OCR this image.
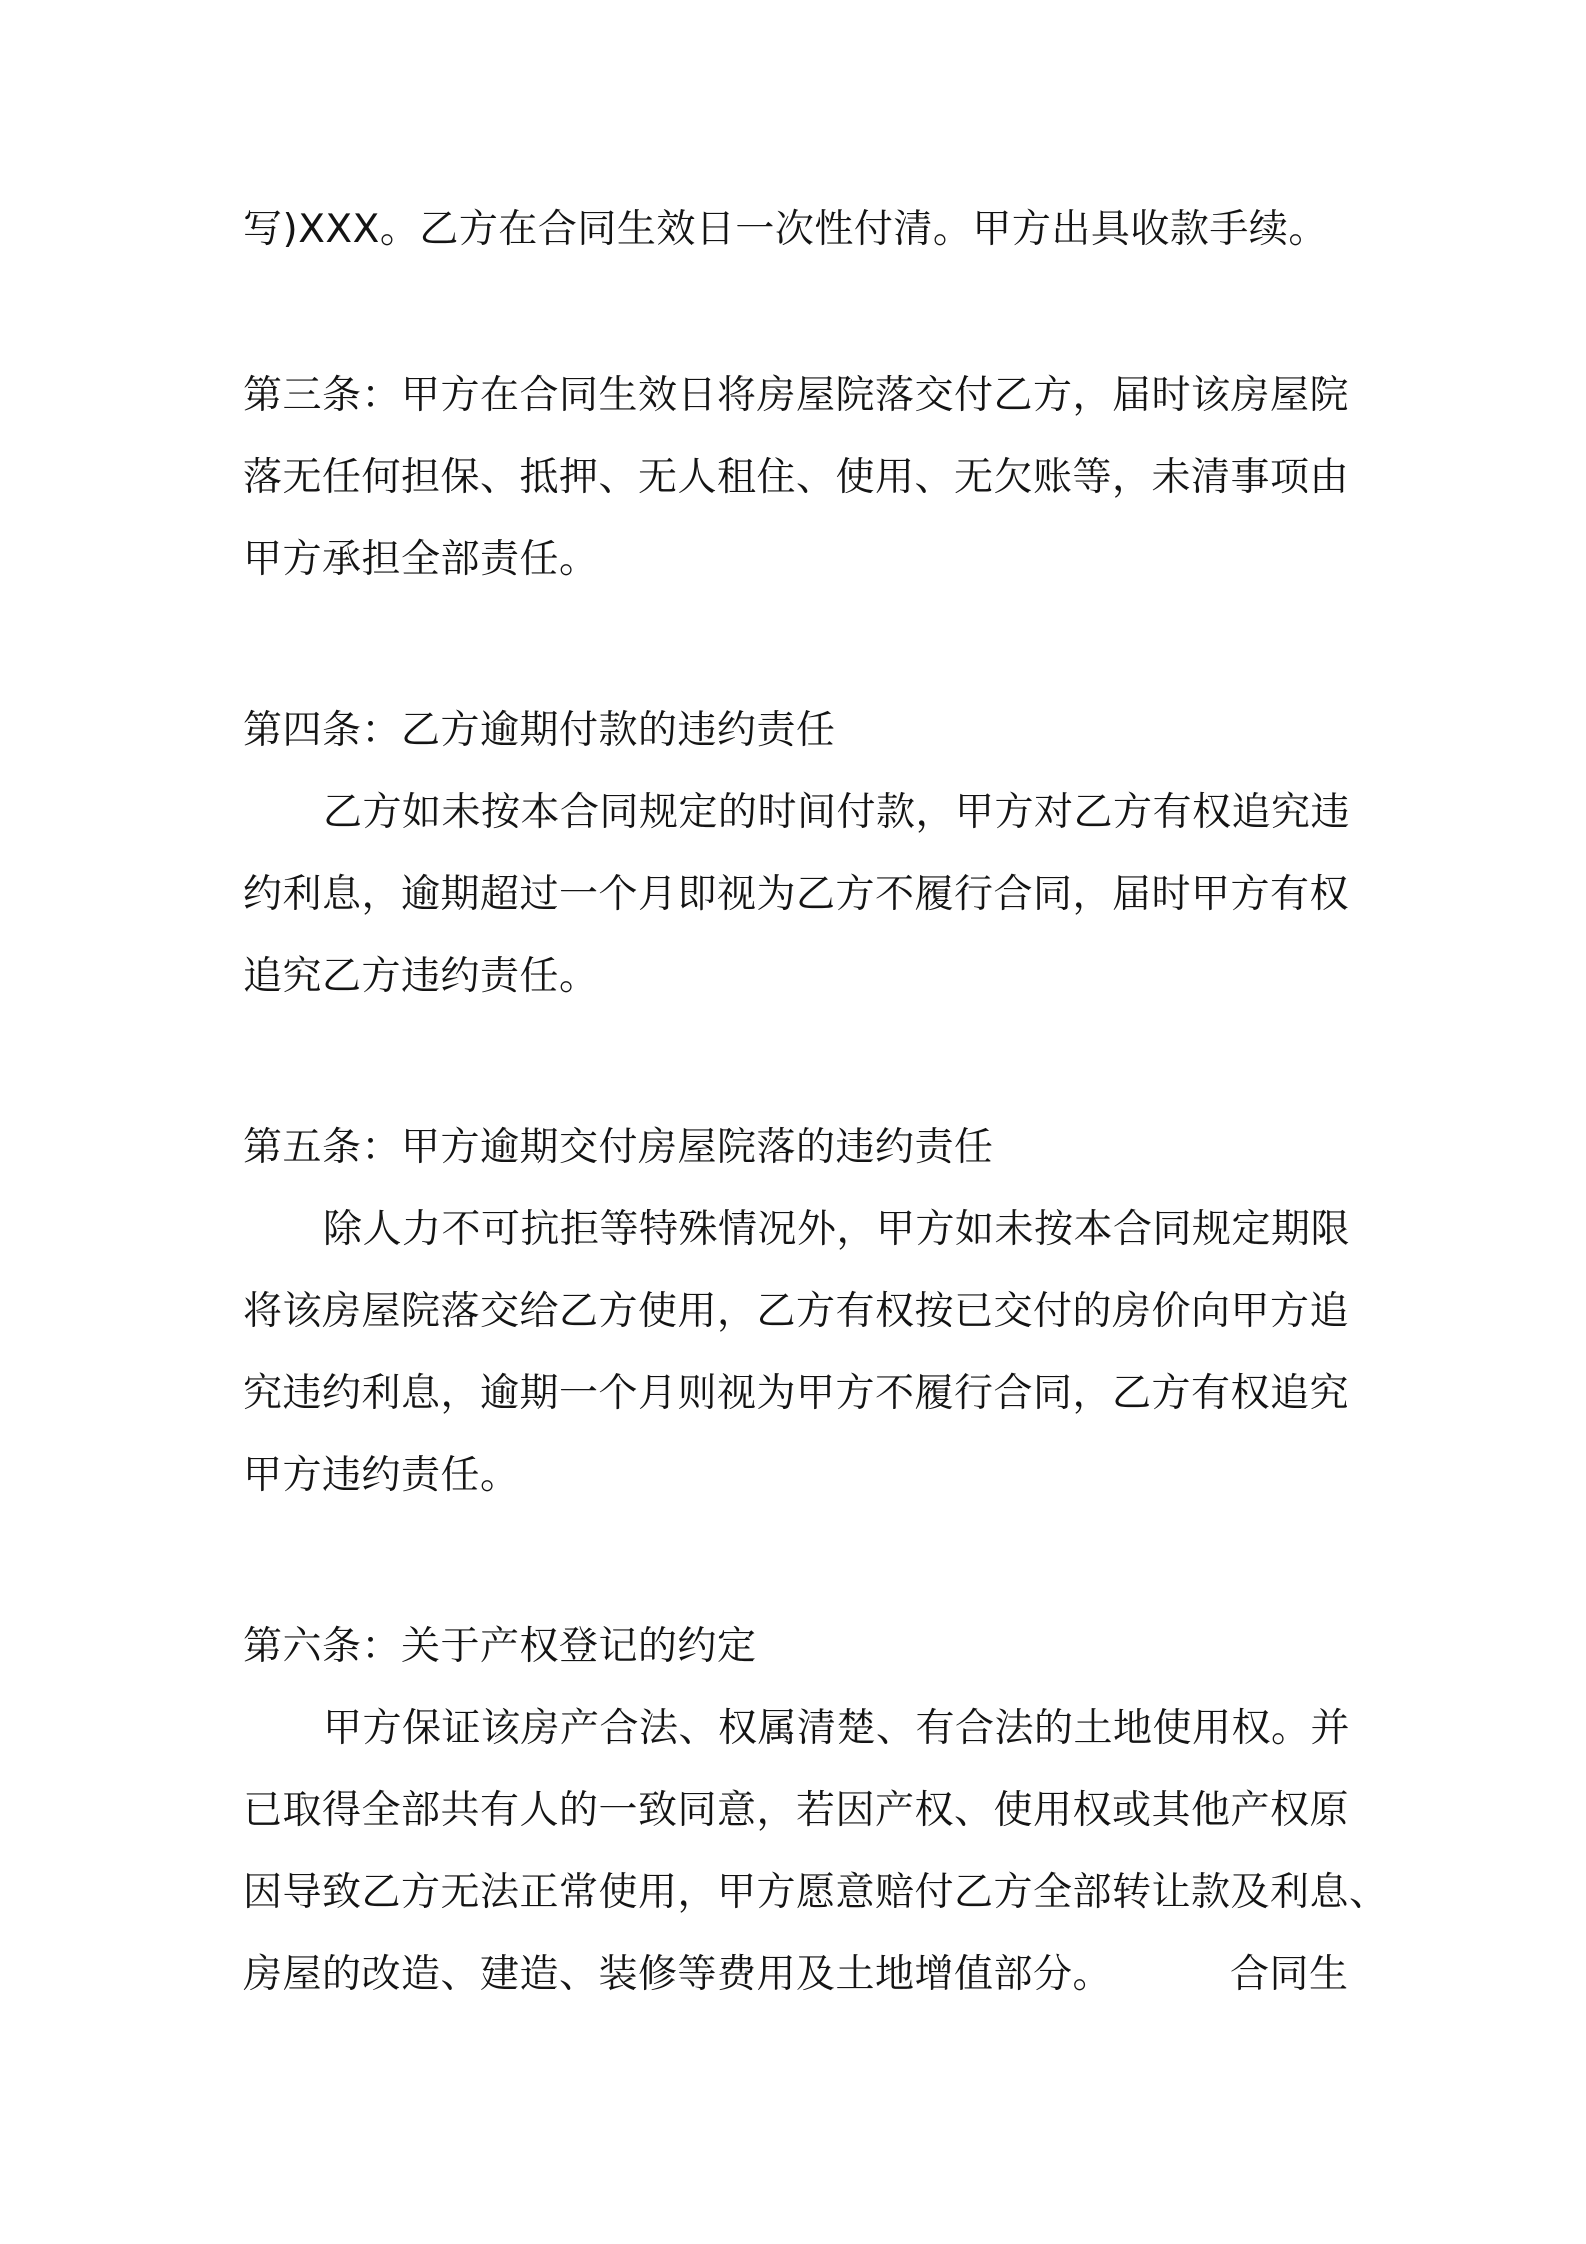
写)XXX。乙方在合同生效日一次性付清。甲方出具收款手续。
第三条：甲方在合同生效日将房屋院落交付乙方，届时该房屋院
落无任何担保、抵押、无人租住、使用、无欠账等，未清事项由
甲方承担全部责任。
第四条：乙方逾期付款的违约责任
乙方如未按本合同规定的时间付款，甲方对乙方有权追究违
约利息，逾期超过一个月即视为乙方不履行合同，届时甲方有权
追究乙方违约责任。
第五条：甲方逾期交付房屋院落的违约责任
除人力不可抗拒等特殊情况外，甲方如未按本合同规定期限
将该房屋院落交给乙方使用，乙方有权按已交付的房价向甲方追
究违约利息，逾期一个月则视为甲方不履行合同，乙方有权追究
甲方违约责任。
第六条：关于产权登记的约定
甲方保证该房产合法、权属清楚、有合法的土地使用权。并
已取得全部共有人的一致同意，若因产权、使用权或其他产权原
因导致乙方无法正常使用，甲方愿意赔付乙方全部转让款及利息、
房屋的改造、建造、装修等费用及土地增值部分。	合同生
